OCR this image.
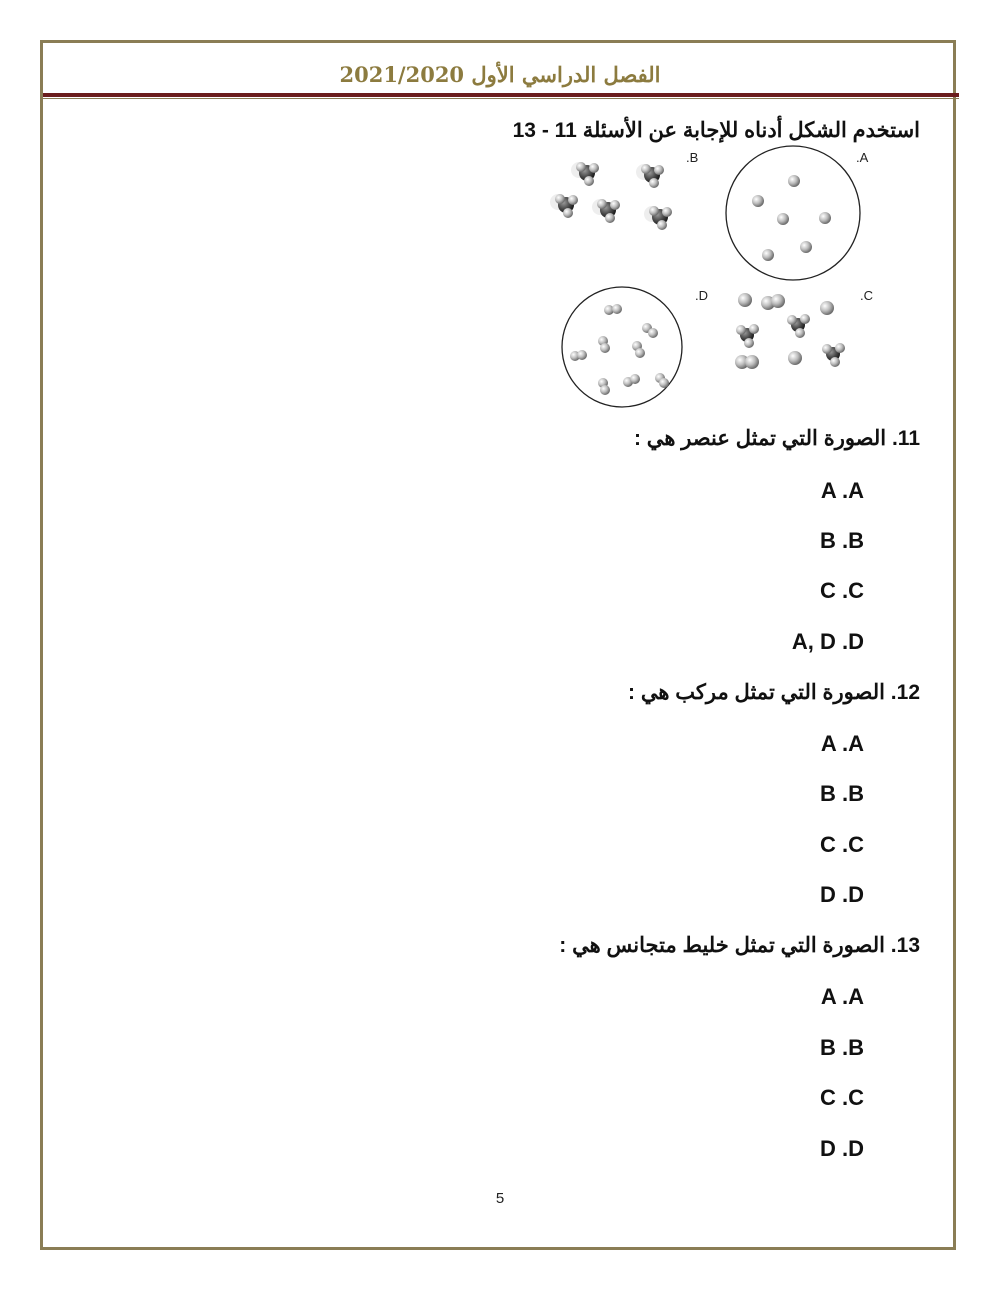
الفصل الدراسي الأول 2021/2020
استخدم الشكل أدناه للإجابة عن الأسئلة 11 - 13
.A
.B
.C
.D
11. الصورة التي تمثل عنصر هي :
A .A
B .B
C .C
A, D .D
12. الصورة التي تمثل مركب هي :
A .A
B .B
C .C
D .D
13. الصورة التي تمثل خليط متجانس هي :
A .A
B .B
C .C
D .D
5
